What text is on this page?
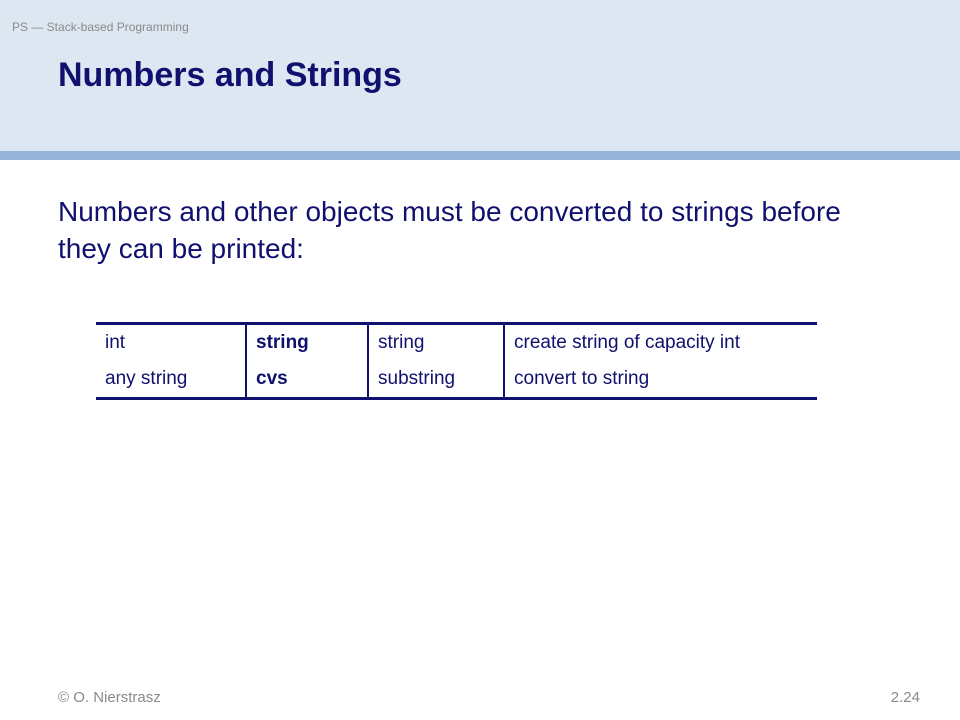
PS — Stack-based Programming
Numbers and Strings

Numbers and other objects must be converted to strings before they can be printed:

int	string	string	create string of capacity int
any string	cvs	substring	convert to string
© O. Nierstrasz	2.24
